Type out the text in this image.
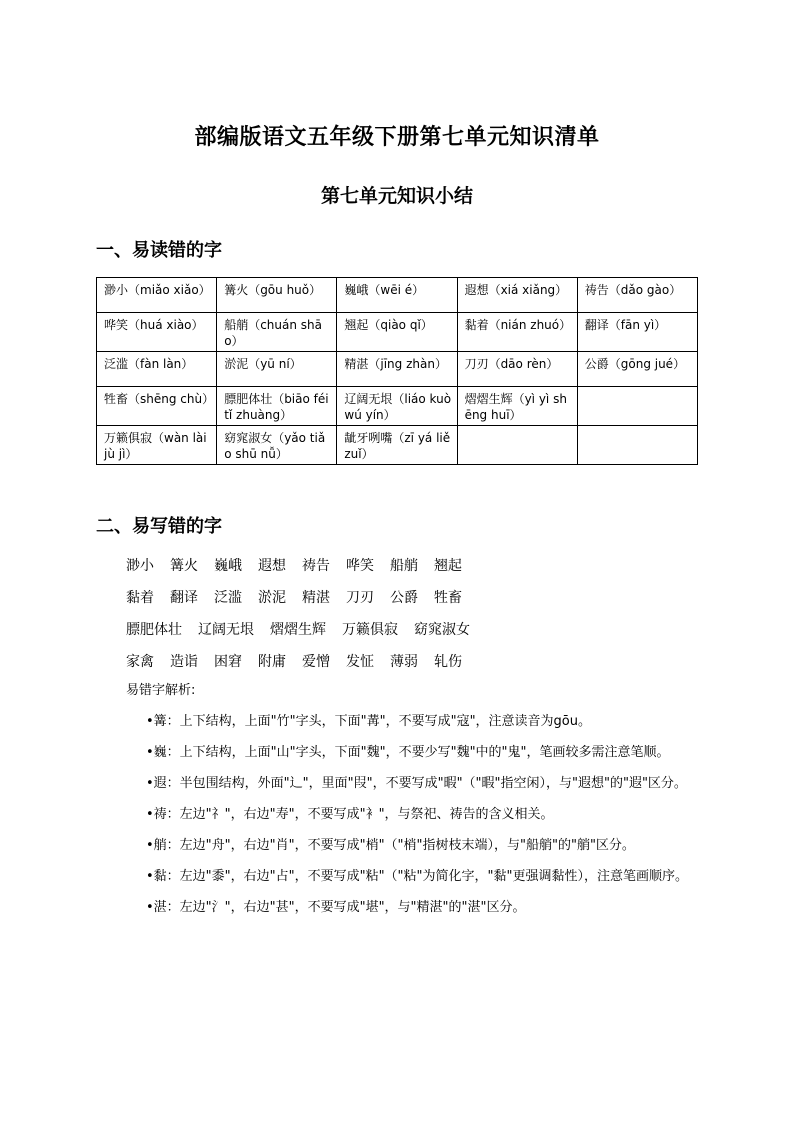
部编版语文五年级下册第七单元知识清单
第七单元知识小结
一、易读错的字
渺小（miǎo xiǎo）	篝火（gōu huǒ）	巍峨（wēi é）	遐想（xiá xiǎng）	祷告（dǎo gào）
哗笑（huá xiào）	船艄（chuán shāo）	翘起（qiào qǐ）	黏着（nián zhuó）	翻译（fān yì）
泛滥（fàn làn）	淤泥（yū ní）	精湛（jīng zhàn）	刀刃（dāo rèn）	公爵（gōng jué）
牲畜（shēng chù）	膘肥体壮（biāo féi tǐ zhuàng）	辽阔无垠（liáo kuò wú yín）	熠熠生辉（yì yì shēng huī）	
万籁俱寂（wàn lài jù jì）	窈窕淑女（yǎo tiǎo shū nǚ）	龇牙咧嘴（zī yá liě zuǐ）		
二、易写错的字
渺小 篝火 巍峨 遐想 祷告 哗笑 船艄 翘起
黏着 翻译 泛滥 淤泥 精湛 刀刃 公爵 牲畜
膘肥体壮 辽阔无垠 熠熠生辉 万籁俱寂 窈窕淑女
家禽 造诣 困窘 附庸 爱憎 发怔 薄弱 轧伤
易错字解析:
•篝：上下结构，上面"竹"字头，下面"冓"，不要写成"寇"，注意读音为gōu。
•巍：上下结构，上面"山"字头，下面"魏"，不要少写"魏"中的"鬼"，笔画较多需注意笔顺。
•遐：半包围结构，外面"辶"，里面"叚"，不要写成"暇"（"暇"指空闲），与"遐想"的"遐"区分。
•祷：左边"礻"，右边"寿"，不要写成"衤"，与祭祀、祷告的含义相关。
•艄：左边"舟"，右边"肖"，不要写成"梢"（"梢"指树枝末端），与"船艄"的"艄"区分。
•黏：左边"黍"，右边"占"，不要写成"粘"（"粘"为简化字，"黏"更强调黏性），注意笔画顺序。
•湛：左边"氵"，右边"甚"，不要写成"堪"，与"精湛"的"湛"区分。
